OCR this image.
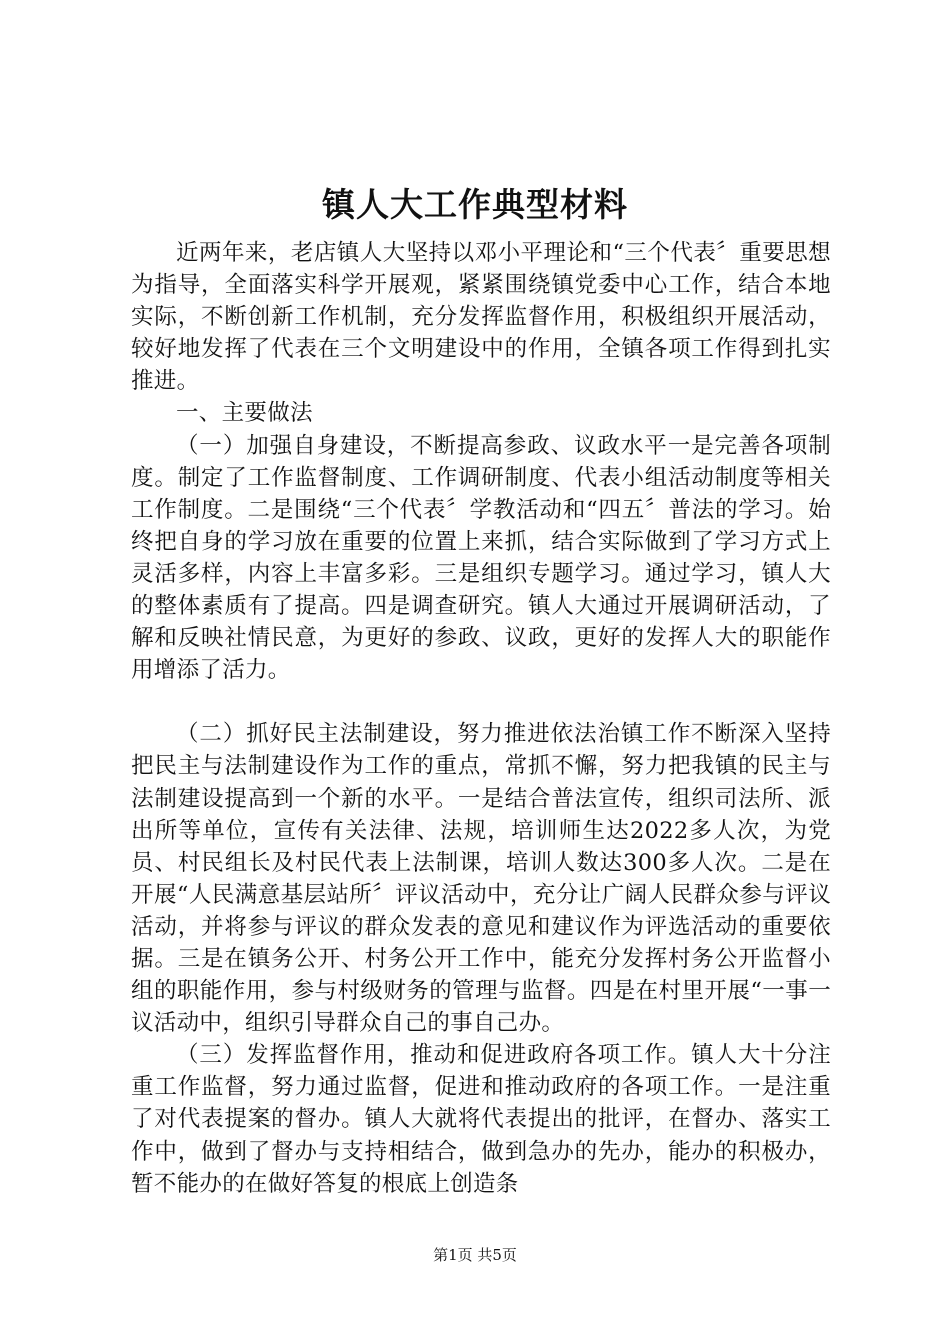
镇人大工作典型材料

近两年来，老店镇人大坚持以邓小平理论和“三个代表〞重要思想为指导，全面落实科学开展观，紧紧围绕镇党委中心工作，结合本地实际，不断创新工作机制，充分发挥监督作用，积极组织开展活动，较好地发挥了代表在三个文明建设中的作用，全镇各项工作得到扎实推进。

一、主要做法

（一）加强自身建设，不断提高参政、议政水平一是完善各项制度。制定了工作监督制度、工作调研制度、代表小组活动制度等相关工作制度。二是围绕“三个代表〞学教活动和“四五〞普法的学习。始终把自身的学习放在重要的位置上来抓，结合实际做到了学习方式上灵活多样，内容上丰富多彩。三是组织专题学习。通过学习，镇人大的整体素质有了提高。四是调查研究。镇人大通过开展调研活动，了解和反映社情民意，为更好的参政、议政，更好的发挥人大的职能作用增添了活力。

（二）抓好民主法制建设，努力推进依法治镇工作不断深入坚持把民主与法制建设作为工作的重点，常抓不懈，努力把我镇的民主与法制建设提高到一个新的水平。一是结合普法宣传，组织司法所、派出所等单位，宣传有关法律、法规，培训师生达2022多人次，为党员、村民组长及村民代表上法制课，培训人数达300多人次。二是在开展“人民满意基层站所〞评议活动中，充分让广阔人民群众参与评议活动，并将参与评议的群众发表的意见和建议作为评选活动的重要依据。三是在镇务公开、村务公开工作中，能充分发挥村务公开监督小组的职能作用，参与村级财务的管理与监督。四是在村里开展“一事一议活动中，组织引导群众自己的事自己办。

（三）发挥监督作用，推动和促进政府各项工作。镇人大十分注重工作监督，努力通过监督，促进和推动政府的各项工作。一是注重了对代表提案的督办。镇人大就将代表提出的批评，在督办、落实工作中，做到了督办与支持相结合，做到急办的先办，能办的积极办，暂不能办的在做好答复的根底上创造条

第1页 共5页
